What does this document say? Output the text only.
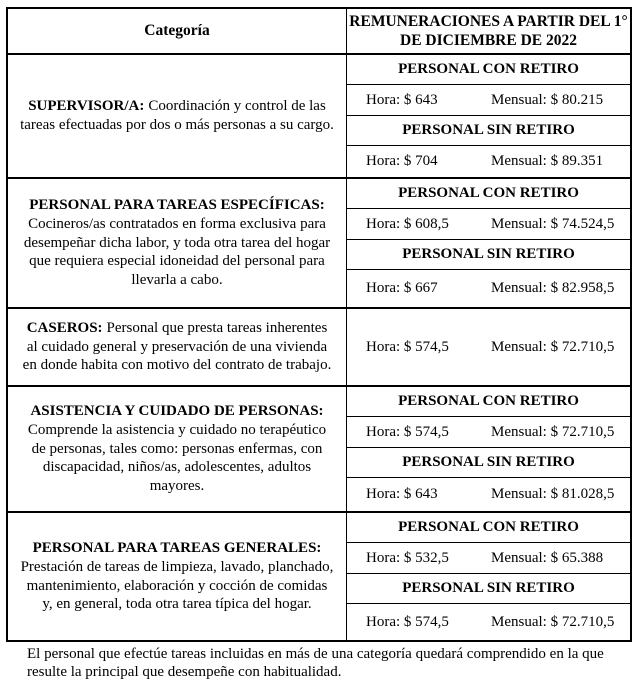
Categoría
REMUNERACIONES A PARTIR DEL 1° DE DICIEMBRE DE 2022

SUPERVISOR/A: Coordinación y control de las tareas efectuadas por dos o más personas a su cargo.

PERSONAL CON RETIRO
Hora: $ 643	Mensual: $ 80.215
PERSONAL SIN RETIRO
Hora: $ 704	Mensual: $ 89.351

PERSONAL PARA TAREAS ESPECÍFICAS:
Cocineros/as contratados en forma exclusiva para desempeñar dicha labor, y toda otra tarea del hogar que requiera especial idoneidad del personal para llevarla a cabo.

PERSONAL CON RETIRO
Hora: $ 608,5	Mensual: $ 74.524,5
PERSONAL SIN RETIRO
Hora: $ 667	Mensual: $ 82.958,5

CASEROS: Personal que presta tareas inherentes al cuidado general y preservación de una vivienda en donde habita con motivo del contrato de trabajo.

Hora: $ 574,5	Mensual: $ 72.710,5

ASISTENCIA Y CUIDADO DE PERSONAS:
Comprende la asistencia y cuidado no terapéutico de personas, tales como: personas enfermas, con discapacidad, niños/as, adolescentes, adultos mayores.

PERSONAL CON RETIRO
Hora: $ 574,5	Mensual: $ 72.710,5
PERSONAL SIN RETIRO
Hora: $ 643	Mensual: $ 81.028,5

PERSONAL PARA TAREAS GENERALES:
Prestación de tareas de limpieza, lavado, planchado, mantenimiento, elaboración y cocción de comidas y, en general, toda otra tarea típica del hogar.

PERSONAL CON RETIRO
Hora: $ 532,5	Mensual: $ 65.388
PERSONAL SIN RETIRO
Hora: $ 574,5	Mensual: $ 72.710,5

El personal que efectúe tareas incluidas en más de una categoría quedará comprendido en la que resulte la principal que desempeñe con habitualidad.
